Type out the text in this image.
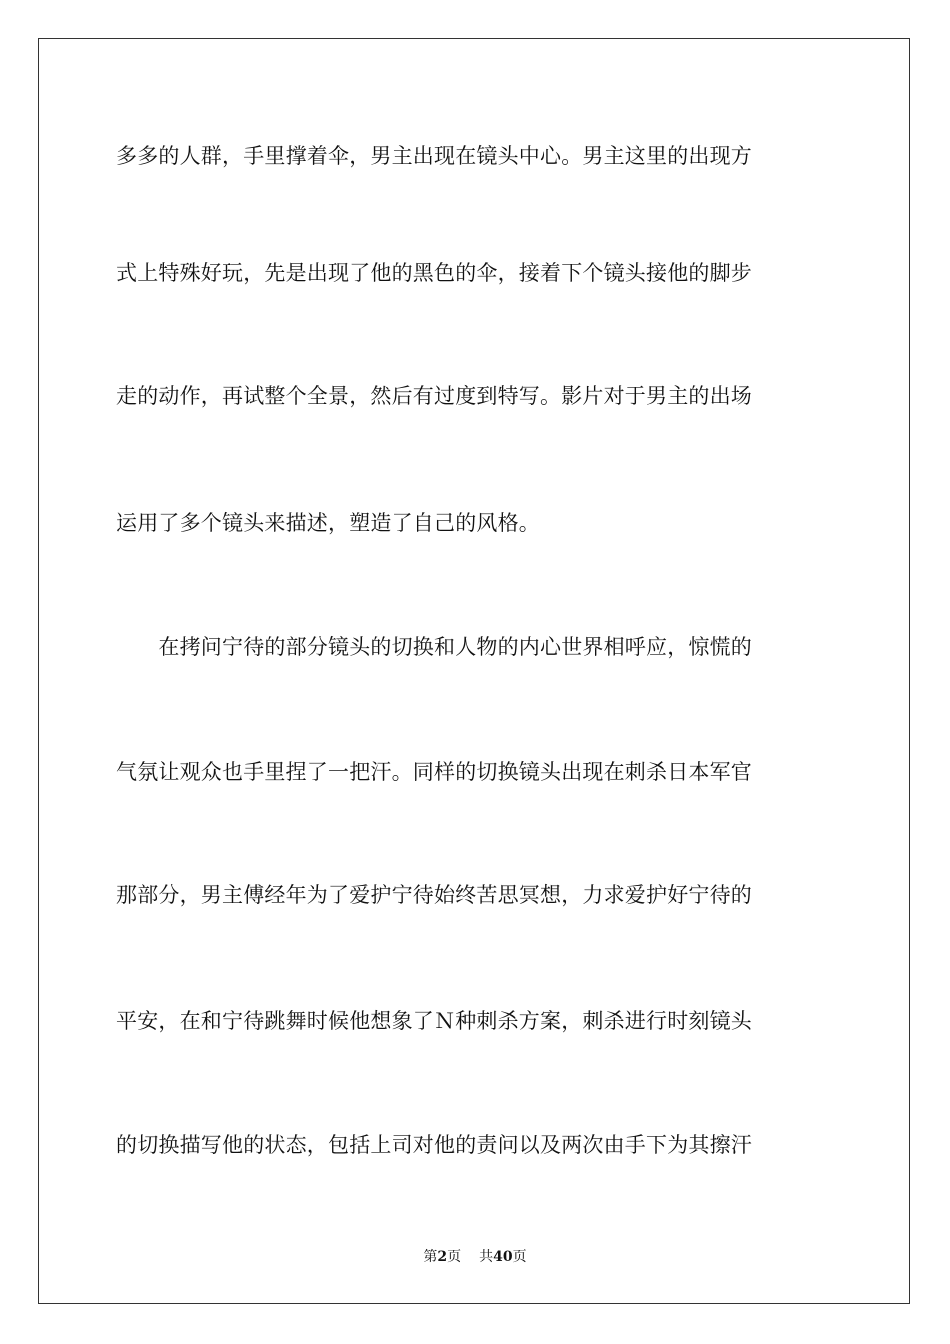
多多的人群，手里撑着伞，男主出现在镜头中心。男主这里的出现方
式上特殊好玩，先是出现了他的黑色的伞，接着下个镜头接他的脚步
走的动作，再试整个全景，然后有过度到特写。影片对于男主的出场
运用了多个镜头来描述，塑造了自己的风格。
　　在拷问宁待的部分镜头的切换和人物的内心世界相呼应，惊慌的
气氛让观众也手里捏了一把汗。同样的切换镜头出现在刺杀日本军官
那部分，男主傅经年为了爱护宁待始终苦思冥想，力求爱护好宁待的
平安，在和宁待跳舞时候他想象了Ｎ种刺杀方案，刺杀进行时刻镜头
的切换描写他的状态，包括上司对他的责问以及两次由手下为其擦汗
第2页 共40页
